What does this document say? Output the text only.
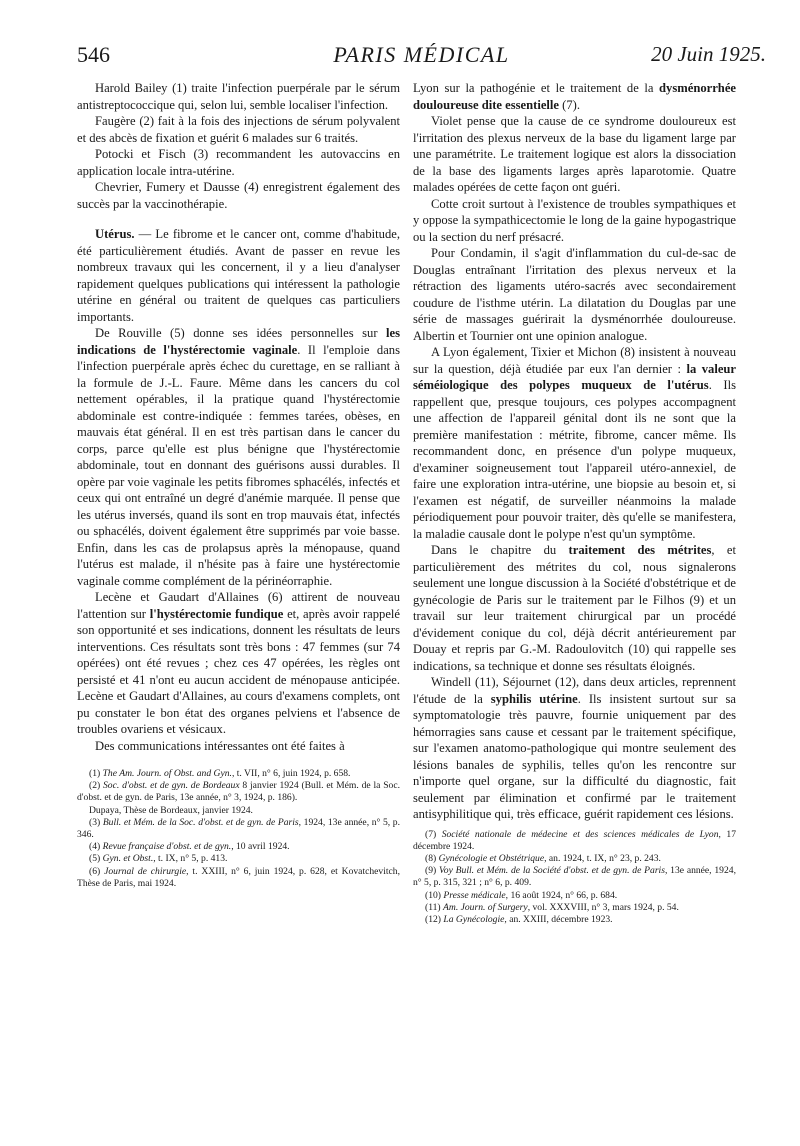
546	PARIS MÉDICAL	20 Juin 1925.

Harold Bailey (1) traite l'infection puerpérale par le sérum antistreptococcique qui, selon lui, semble localiser l'infection.

Faugère (2) fait à la fois des injections de sérum polyvalent et des abcès de fixation et guérit 6 malades sur 6 traités.

Potocki et Fisch (3) recommandent les autovaccins en application locale intra-utérine.

Chevrier, Fumery et Dausse (4) enregistrent également des succès par la vaccinothérapie.

Utérus. — Le fibrome et le cancer ont, comme d'habitude, été particulièrement étudiés. Avant de passer en revue les nombreux travaux qui les concernent, il y a lieu d'analyser rapidement quelques publications qui intéressent la pathologie utérine en général ou traitent de quelques cas particuliers importants.

De Rouville (5) donne ses idées personnelles sur les indications de l'hystérectomie vaginale. Il l'emploie dans l'infection puerpérale après échec du curettage, en se ralliant à la formule de J.-L. Faure. Même dans les cancers du col nettement opérables, il la pratique quand l'hystérectomie abdominale est contre-indiquée : femmes tarées, obèses, en mauvais état général. Il en est très partisan dans le cancer du corps, parce qu'elle est plus bénigne que l'hystérectomie abdominale, tout en donnant des guérisons aussi durables. Il opère par voie vaginale les petits fibromes sphacélés, infectés et ceux qui ont entraîné un degré d'anémie marquée. Il pense que les utérus inversés, quand ils sont en trop mauvais état, infectés ou sphacélés, doivent également être supprimés par voie basse. Enfin, dans les cas de prolapsus après la ménopause, quand l'utérus est malade, il n'hésite pas à faire une hystérectomie vaginale comme complément de la périnéorraphie.

Lecène et Gaudart d'Allaines (6) attirent de nouveau l'attention sur l'hystérectomie fundique et, après avoir rappelé son opportunité et ses indications, donnent les résultats de leurs interventions. Ces résultats sont très bons : 47 femmes (sur 74 opérées) ont été revues ; chez ces 47 opérées, les règles ont persisté et 41 n'ont eu aucun accident de ménopause anticipée. Lecène et Gaudart d'Allaines, au cours d'examens complets, ont pu constater le bon état des organes pelviens et l'absence de troubles ovariens et vésicaux.

Des communications intéressantes ont été faites à

(1) The Am. Journ. of Obst. and Gyn., t. VII, n° 6, juin 1924, p. 658.

(2) Soc. d'obst. et de gyn. de Bordeaux 8 janvier 1924 (Bull. et Mém. de la Soc. d'obst. et de gyn. de Paris, 13e année, n° 3, 1924, p. 186).

Dupaya, Thèse de Bordeaux, janvier 1924.

(3) Bull. et Mém. de la Soc. d'obst. et de gyn. de Paris, 1924, 13e année, n° 5, p. 346.

(4) Revue française d'obst. et de gyn., 10 avril 1924.

(5) Gyn. et Obst., t. IX, n° 5, p. 413.

(6) Journal de chirurgie, t. XXIII, n° 6, juin 1924, p. 628, et Kovatchevitch, Thèse de Paris, mai 1924.

Lyon sur la pathogénie et le traitement de la dysménorrhée douloureuse dite essentielle (7).

Violet pense que la cause de ce syndrome douloureux est l'irritation des plexus nerveux de la base du ligament large par une paramétrite. Le traitement logique est alors la dissociation de la base des ligaments larges après laparotomie. Quatre malades opérées de cette façon ont guéri.

Cotte croit surtout à l'existence de troubles sympathiques et y oppose la sympathicectomie le long de la gaine hypogastrique ou la section du nerf présacré.

Pour Condamin, il s'agit d'inflammation du cul-de-sac de Douglas entraînant l'irritation des plexus nerveux et la rétraction des ligaments utéro-sacrés avec secondairement coudure de l'isthme utérin. La dilatation du Douglas par une série de massages guérirait la dysménorrhée douloureuse. Albertin et Tournier ont une opinion analogue.

A Lyon également, Tixier et Michon (8) insistent à nouveau sur la question, déjà étudiée par eux l'an dernier : la valeur séméiologique des polypes muqueux de l'utérus. Ils rappellent que, presque toujours, ces polypes accompagnent une affection de l'appareil génital dont ils ne sont que la première manifestation : métrite, fibrome, cancer même. Ils recommandent donc, en présence d'un polype muqueux, d'examiner soigneusement tout l'appareil utéro-annexiel, de faire une exploration intra-utérine, une biopsie au besoin et, si l'examen est négatif, de surveiller néanmoins la malade périodiquement pour pouvoir traiter, dès qu'elle se manifestera, la maladie causale dont le polype n'est qu'un symptôme.

Dans le chapitre du traitement des métrites, et particulièrement des métrites du col, nous signalerons seulement une longue discussion à la Société d'obstétrique et de gynécologie de Paris sur le traitement par le Filhos (9) et un travail sur leur traitement chirurgical par un procédé d'évidement conique du col, déjà décrit antérieurement par Douay et repris par G.-M. Radoulovitch (10) qui rappelle ses indications, sa technique et donne ses résultats éloignés.

Windell (11), Séjournet (12), dans deux articles, reprennent l'étude de la syphilis utérine. Ils insistent surtout sur sa symptomatologie très pauvre, fournie uniquement par des hémorragies sans cause et cessant par le traitement spécifique, sur l'examen anatomo-pathologique qui montre seulement des lésions banales de syphilis, telles qu'on les rencontre sur n'importe quel organe, sur la difficulté du diagnostic, fait seulement par élimination et confirmé par le traitement antisyphilitique qui, très efficace, guérit rapidement ces lésions.

(7) Société nationale de médecine et des sciences médicales de Lyon, 17 décembre 1924.

(8) Gynécologie et Obstétrique, an. 1924, t. IX, n° 23, p. 243.

(9) Voy Bull. et Mém. de la Société d'obst. et de gyn. de Paris, 13e année, 1924, n° 5, p. 315, 321 ; n° 6, p. 409.

(10) Presse médicale, 16 août 1924, n° 66, p. 684.

(11) Am. Journ. of Surgery, vol. XXXVIII, n° 3, mars 1924, p. 54.

(12) La Gynécologie, an. XXIII, décembre 1923.
